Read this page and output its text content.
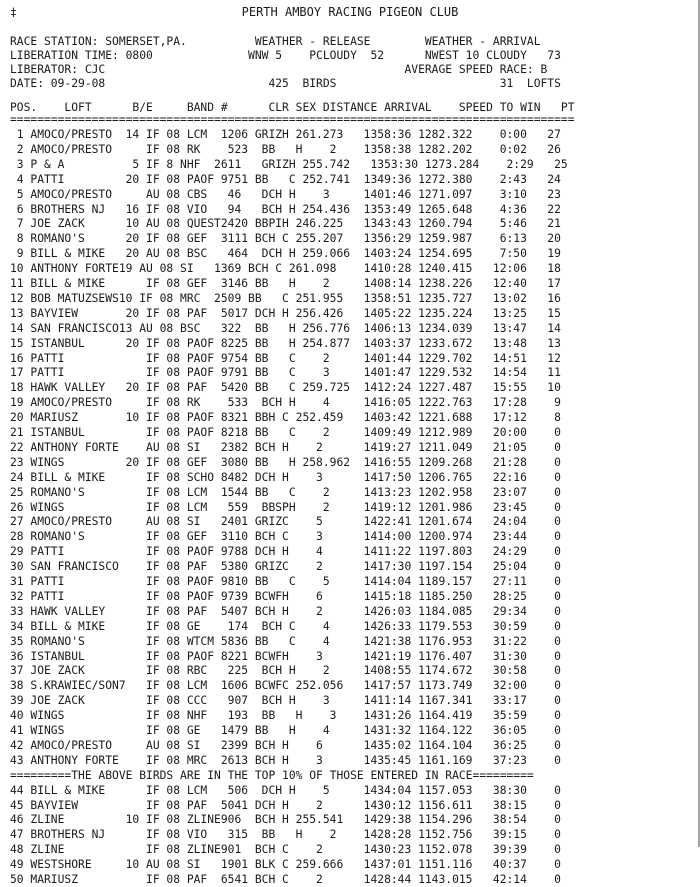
‡	PERTH AMBOY RACING PIGEON CLUB
RACE STATION: SOMERSET,PA.          WEATHER - RELEASE        WEATHER - ARRIVAL
LIBERATION TIME: 0800              WNW 5    PCLOUDY  52      NWEST 10 CLOUDY   73
LIBERATOR: CJC                                            AVERAGE SPEED RACE: B
DATE: 09-29-08                        425  BIRDS                        31  LOFTS
POS.    LOFT      B/E     BAND #      CLR SEX DISTANCE ARRIVAL    SPEED TO WIN   PT
===================================================================================
1 AMOCO/PRESTO  14 IF 08 LCM  1206 GRIZH 261.273   1358:36 1282.322    0:00   27
2 AMOCO/PRESTO     IF 08 RK    523  BB   H    2    1358:38 1282.202    0:02   26
3 P & A          5 IF 8 NHF  2611   GRIZH 255.742   1353:30 1273.284    2:29   25
4 PATTI         20 IF 08 PAOF 9751 BB   C 252.741  1349:36 1272.380    2:43   24
5 AMOCO/PRESTO     AU 08 CBS   46   DCH H    3     1401:46 1271.097    3:10   23
6 BROTHERS NJ   16 IF 08 VIO   94   BCH H 254.436  1353:49 1265.648    4:36   22
7 JOE ZACK      10 AU 08 QUEST2420 BBPIH 246.225   1343:43 1260.794    5:46   21
8 ROMANO'S      20 IF 08 GEF  3111 BCH C 255.207   1356:29 1259.987    6:13   20
9 BILL & MIKE   20 AU 08 BSC   464  DCH H 259.066  1403:24 1254.695    7:50   19
10 ANTHONY FORTE19 AU 08 SI   1369 BCH C 261.098    1410:28 1240.415   12:06   18
11 BILL & MIKE      IF 08 GEF  3146 BB   H    2     1408:14 1238.226   12:40   17
12 BOB MATUZSEWS10 IF 08 MRC  2509 BB   C 251.955   1358:51 1235.727   13:02   16
13 BAYVIEW       20 IF 08 PAF  5017 DCH H 256.426   1405:22 1235.224   13:25   15
14 SAN FRANCISCO13 AU 08 BSC   322  BB   H 256.776  1406:13 1234.039   13:47   14
15 ISTANBUL      20 IF 08 PAOF 8225 BB   H 254.877  1403:37 1233.672   13:48   13
16 PATTI            IF 08 PAOF 9754 BB   C    2     1401:44 1229.702   14:51   12
17 PATTI            IF 08 PAOF 9791 BB   C    3     1401:47 1229.532   14:54   11
18 HAWK VALLEY   20 IF 08 PAF  5420 BB   C 259.725  1412:24 1227.487   15:55   10
19 AMOCO/PRESTO     IF 08 RK    533  BCH H    4     1416:05 1222.763   17:28    9
20 MARIUSZ       10 IF 08 PAOF 8321 BBH C 252.459   1403:42 1221.688   17:12    8
21 ISTANBUL         IF 08 PAOF 8218 BB   C    2     1409:49 1212.989   20:00    0
22 ANTHONY FORTE    AU 08 SI   2382 BCH H    2      1419:27 1211.049   21:05    0
23 WINGS         20 IF 08 GEF  3080 BB   H 258.962  1416:55 1209.268   21:28    0
24 BILL & MIKE      IF 08 SCHO 8482 DCH H    3      1417:50 1206.765   22:16    0
25 ROMANO'S         IF 08 LCM  1544 BB   C    2     1413:23 1202.958   23:07    0
26 WINGS            IF 08 LCM   559  BBSPH    2     1419:12 1201.986   23:45    0
27 AMOCO/PRESTO     AU 08 SI   2401 GRIZC    5      1422:41 1201.674   24:04    0
28 ROMANO'S         IF 08 GEF  3110 BCH C    3      1414:00 1200.974   23:44    0
29 PATTI            IF 08 PAOF 9788 DCH H    4      1411:22 1197.803   24:29    0
30 SAN FRANCISCO    IF 08 PAF  5380 GRIZC    2      1417:30 1197.154   25:04    0
31 PATTI            IF 08 PAOF 9810 BB   C    5     1414:04 1189.157   27:11    0
32 PATTI            IF 08 PAOF 9739 BCWFH    6      1415:18 1185.250   28:25    0
33 HAWK VALLEY      IF 08 PAF  5407 BCH H    2      1426:03 1184.085   29:34    0
34 BILL & MIKE      IF 08 GE    174  BCH C    4     1426:33 1179.553   30:59    0
35 ROMANO'S         IF 08 WTCM 5836 BB   C    4     1421:38 1176.953   31:22    0
36 ISTANBUL         IF 08 PAOF 8221 BCWFH    3      1421:19 1176.407   31:30    0
37 JOE ZACK         IF 08 RBC   225  BCH H    2     1408:55 1174.672   30:58    0
38 S.KRAWIEC/SON7   IF 08 LCM  1606 BCWFC 252.056   1417:57 1173.749   32:00    0
39 JOE ZACK         IF 08 CCC   907  BCH H    3     1411:14 1167.341   33:17    0
40 WINGS            IF 08 NHF   193  BB   H    3    1431:26 1164.419   35:59    0
41 WINGS            IF 08 GE   1479 BB   H    4     1431:32 1164.122   36:05    0
42 AMOCO/PRESTO     AU 08 SI   2399 BCH H    6      1435:02 1164.104   36:25    0
43 ANTHONY FORTE    IF 08 MRC  2613 BCH H    3      1435:45 1161.169   37:23    0
=========THE ABOVE BIRDS ARE IN THE TOP 10% OF THOSE ENTERED IN RACE=========
44 BILL & MIKE      IF 08 LCM   506  DCH H    5     1434:04 1157.053   38:30    0
45 BAYVIEW          IF 08 PAF  5041 DCH H    2      1430:12 1156.611   38:15    0
46 ZLINE         10 IF 08 ZLINE906  BCH H 255.541   1429:38 1154.296   38:54    0
47 BROTHERS NJ      IF 08 VIO   315  BB   H    2    1428:28 1152.756   39:15    0
48 ZLINE            IF 08 ZLINE901  BCH C    2      1430:23 1152.078   39:39    0
49 WESTSHORE     10 AU 08 SI   1901 BLK C 259.666   1437:01 1151.116   40:37    0
50 MARIUSZ          IF 08 PAF  6541 BCH C    2      1428:44 1143.015   42:14    0
